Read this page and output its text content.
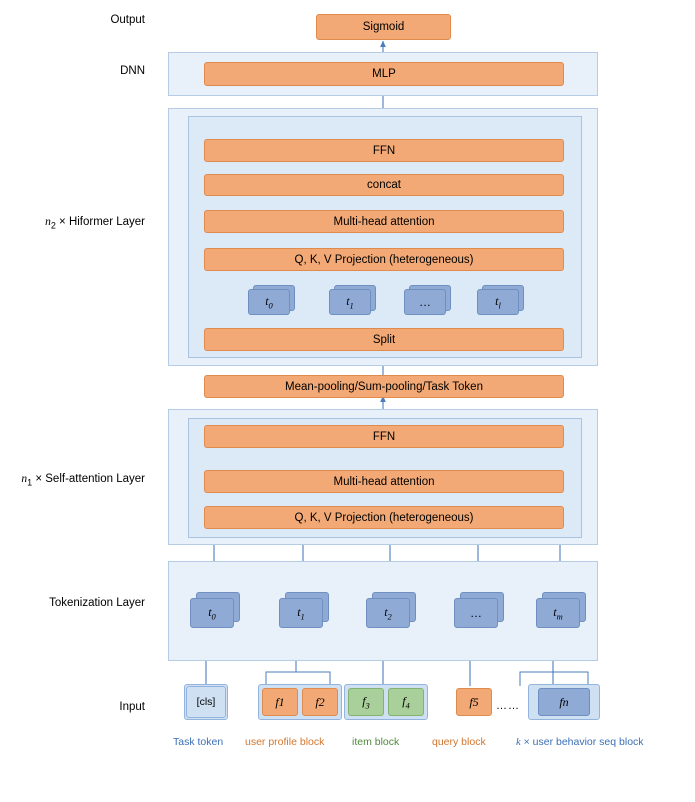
Output
DNN
$n_2$ × Hiformer Layer
$n_1$ × Self-attention Layer
Tokenization Layer
Input
Sigmoid
MLP
FFN
concat
Multi-head attention
Q, K, V Projection (heterogeneous)
$t_0$	$t_1$	…	$t_l$
Split
Mean-pooling/Sum-pooling/Task Token
FFN
Multi-head attention
Q, K, V Projection (heterogeneous)
$t_0$	$t_1$	$t_2$	…	$t_m$
[cls]	f1	f2	$f_3$	$f_4$	f5 ……	fn
Task token user profile block	item block	query block	k × user behavior seq block
